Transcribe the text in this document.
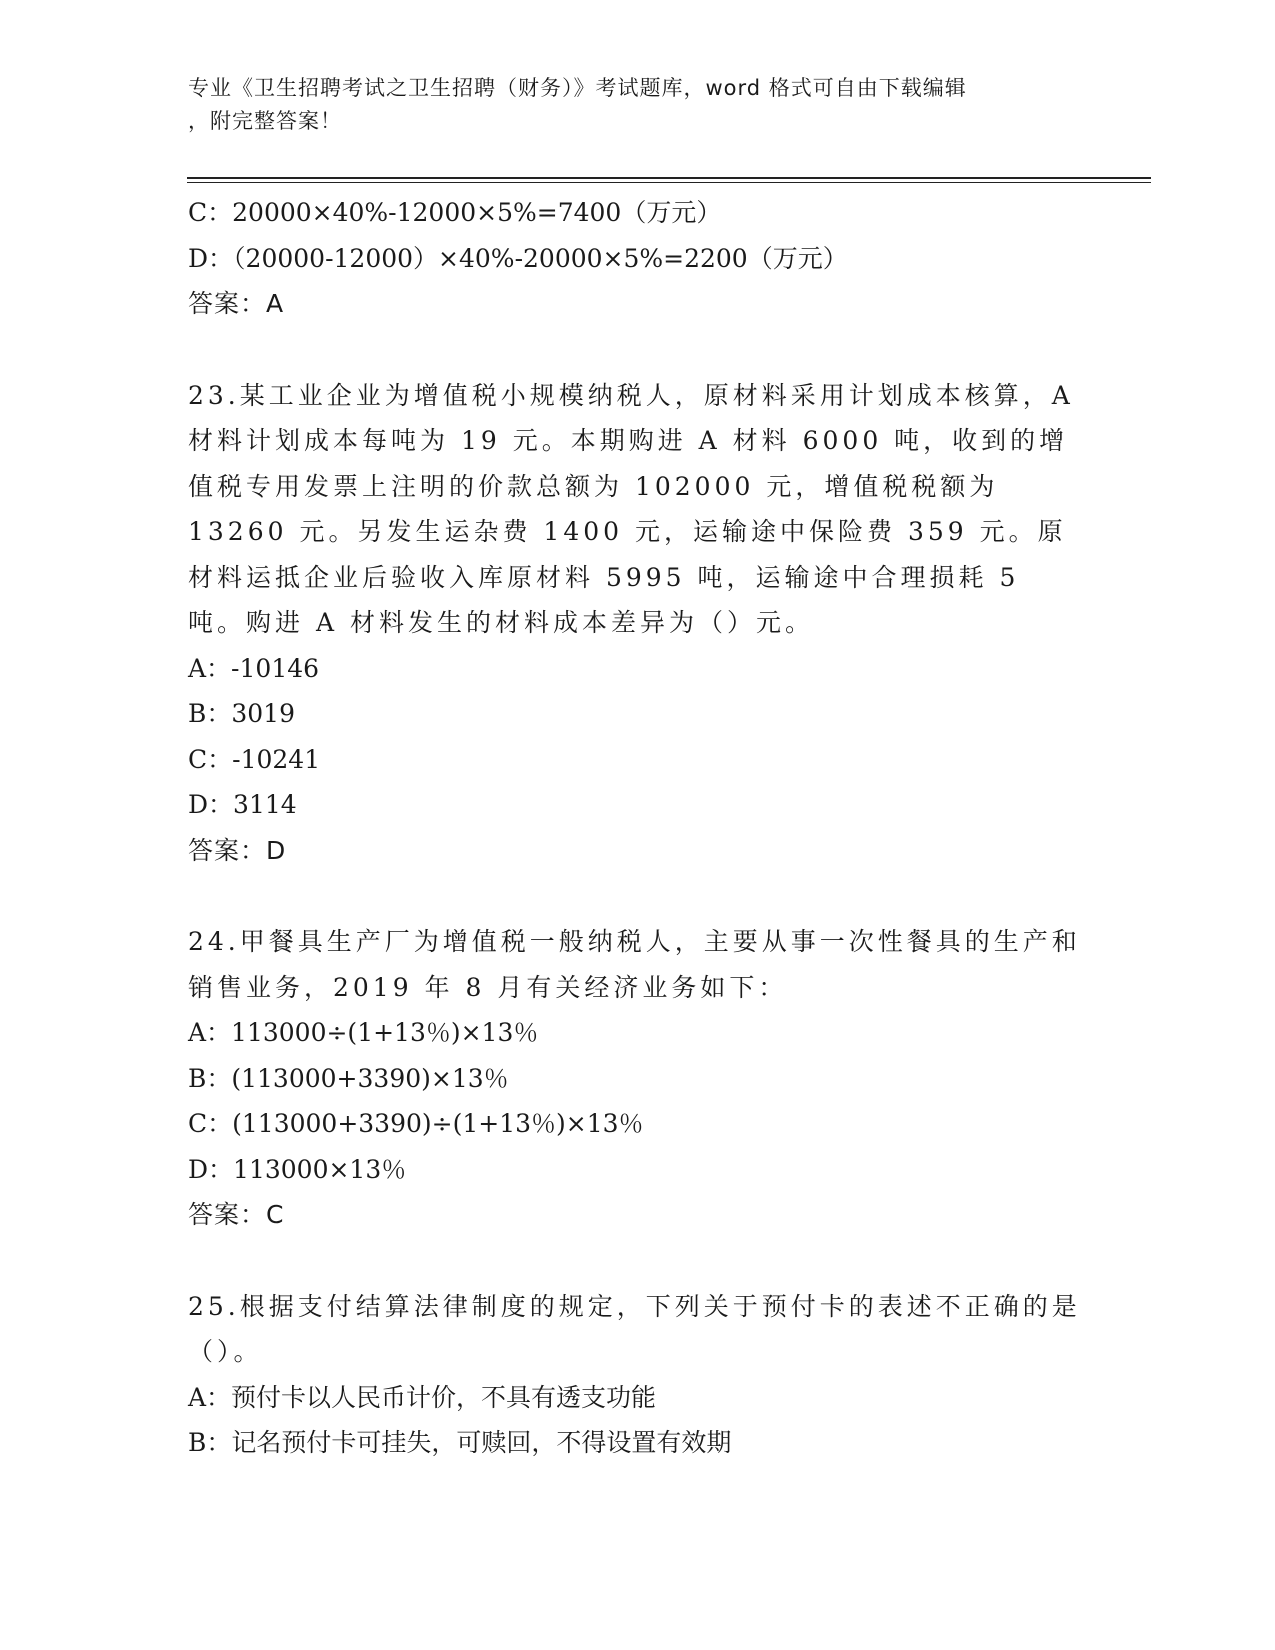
专业《卫生招聘考试之卫生招聘（财务）》考试题库，word 格式可自由下载编辑
，附完整答案！
C：20000×40%-12000×5%=7400（万元）
D：（20000-12000）×40%-20000×5%=2200（万元）
答案：A
23.某工业企业为增值税小规模纳税人，原材料采用计划成本核算，A 材料计划成本每吨为 19 元。本期购进 A 材料 6000 吨，收到的增值税专用发票上注明的价款总额为 102000 元，增值税税额为 13260 元。另发生运杂费 1400 元，运输途中保险费 359 元。原材料运抵企业后验收入库原材料 5995 吨，运输途中合理损耗 5 吨。购进 A 材料发生的材料成本差异为（）元。
A：-10146
B：3019
C：-10241
D：3114
答案：D
24.甲餐具生产厂为增值税一般纳税人，主要从事一次性餐具的生产和销售业务，2019 年 8 月有关经济业务如下：
A：113000÷(1+13％)×13％
B：(113000+3390)×13％
C：(113000+3390)÷(1+13％)×13％
D：113000×13％
答案：C
25.根据支付结算法律制度的规定，下列关于预付卡的表述不正确的是（）。
A：预付卡以人民币计价，不具有透支功能
B：记名预付卡可挂失，可赎回，不得设置有效期
